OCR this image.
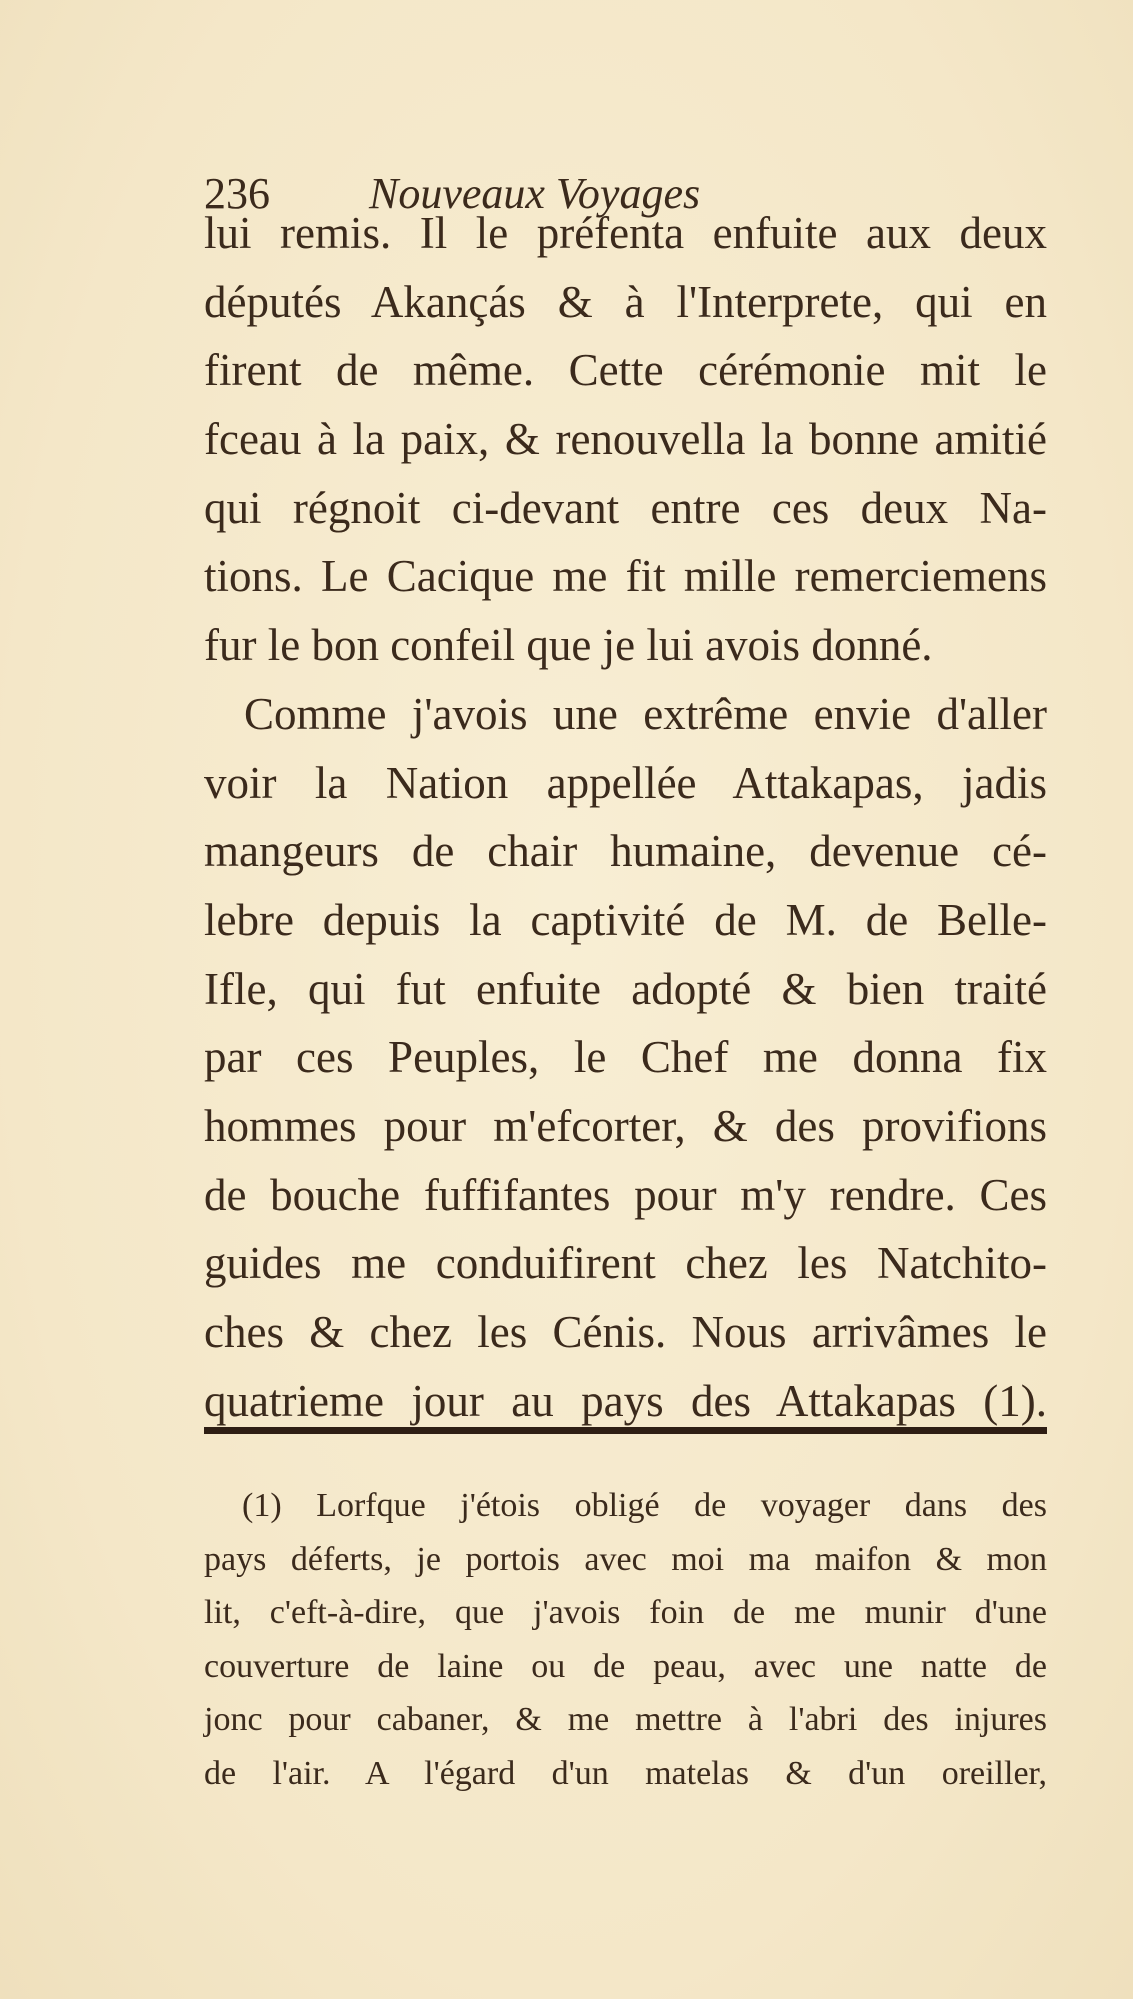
236 Nouveaux Voyages
lui remis. Il le préfenta enfuite aux deux
députés Akançás & à l'Interprete, qui en
firent de même. Cette cérémonie mit le
fceau à la paix, & renouvella la bonne amitié
qui régnoit ci-devant entre ces deux Na-
tions. Le Cacique me fit mille remerciemens
fur le bon confeil que je lui avois donné.
Comme j'avois une extrême envie d'aller
voir la Nation appellée Attakapas, jadis
mangeurs de chair humaine, devenue cé-
lebre depuis la captivité de M. de Belle-
Ifle, qui fut enfuite adopté & bien traité
par ces Peuples, le Chef me donna fix
hommes pour m'efcorter, & des provifions
de bouche fuffifantes pour m'y rendre. Ces
guides me conduifirent chez les Natchito-
ches & chez les Cénis. Nous arrivâmes le
quatrieme jour au pays des Attakapas (1).
(1) Lorfque j'étois obligé de voyager dans des
pays déferts, je portois avec moi ma maifon & mon
lit, c'eft-à-dire, que j'avois foin de me munir d'une
couverture de laine ou de peau, avec une natte de
jonc pour cabaner, & me mettre à l'abri des injures
de l'air. A l'égard d'un matelas & d'un oreiller,
